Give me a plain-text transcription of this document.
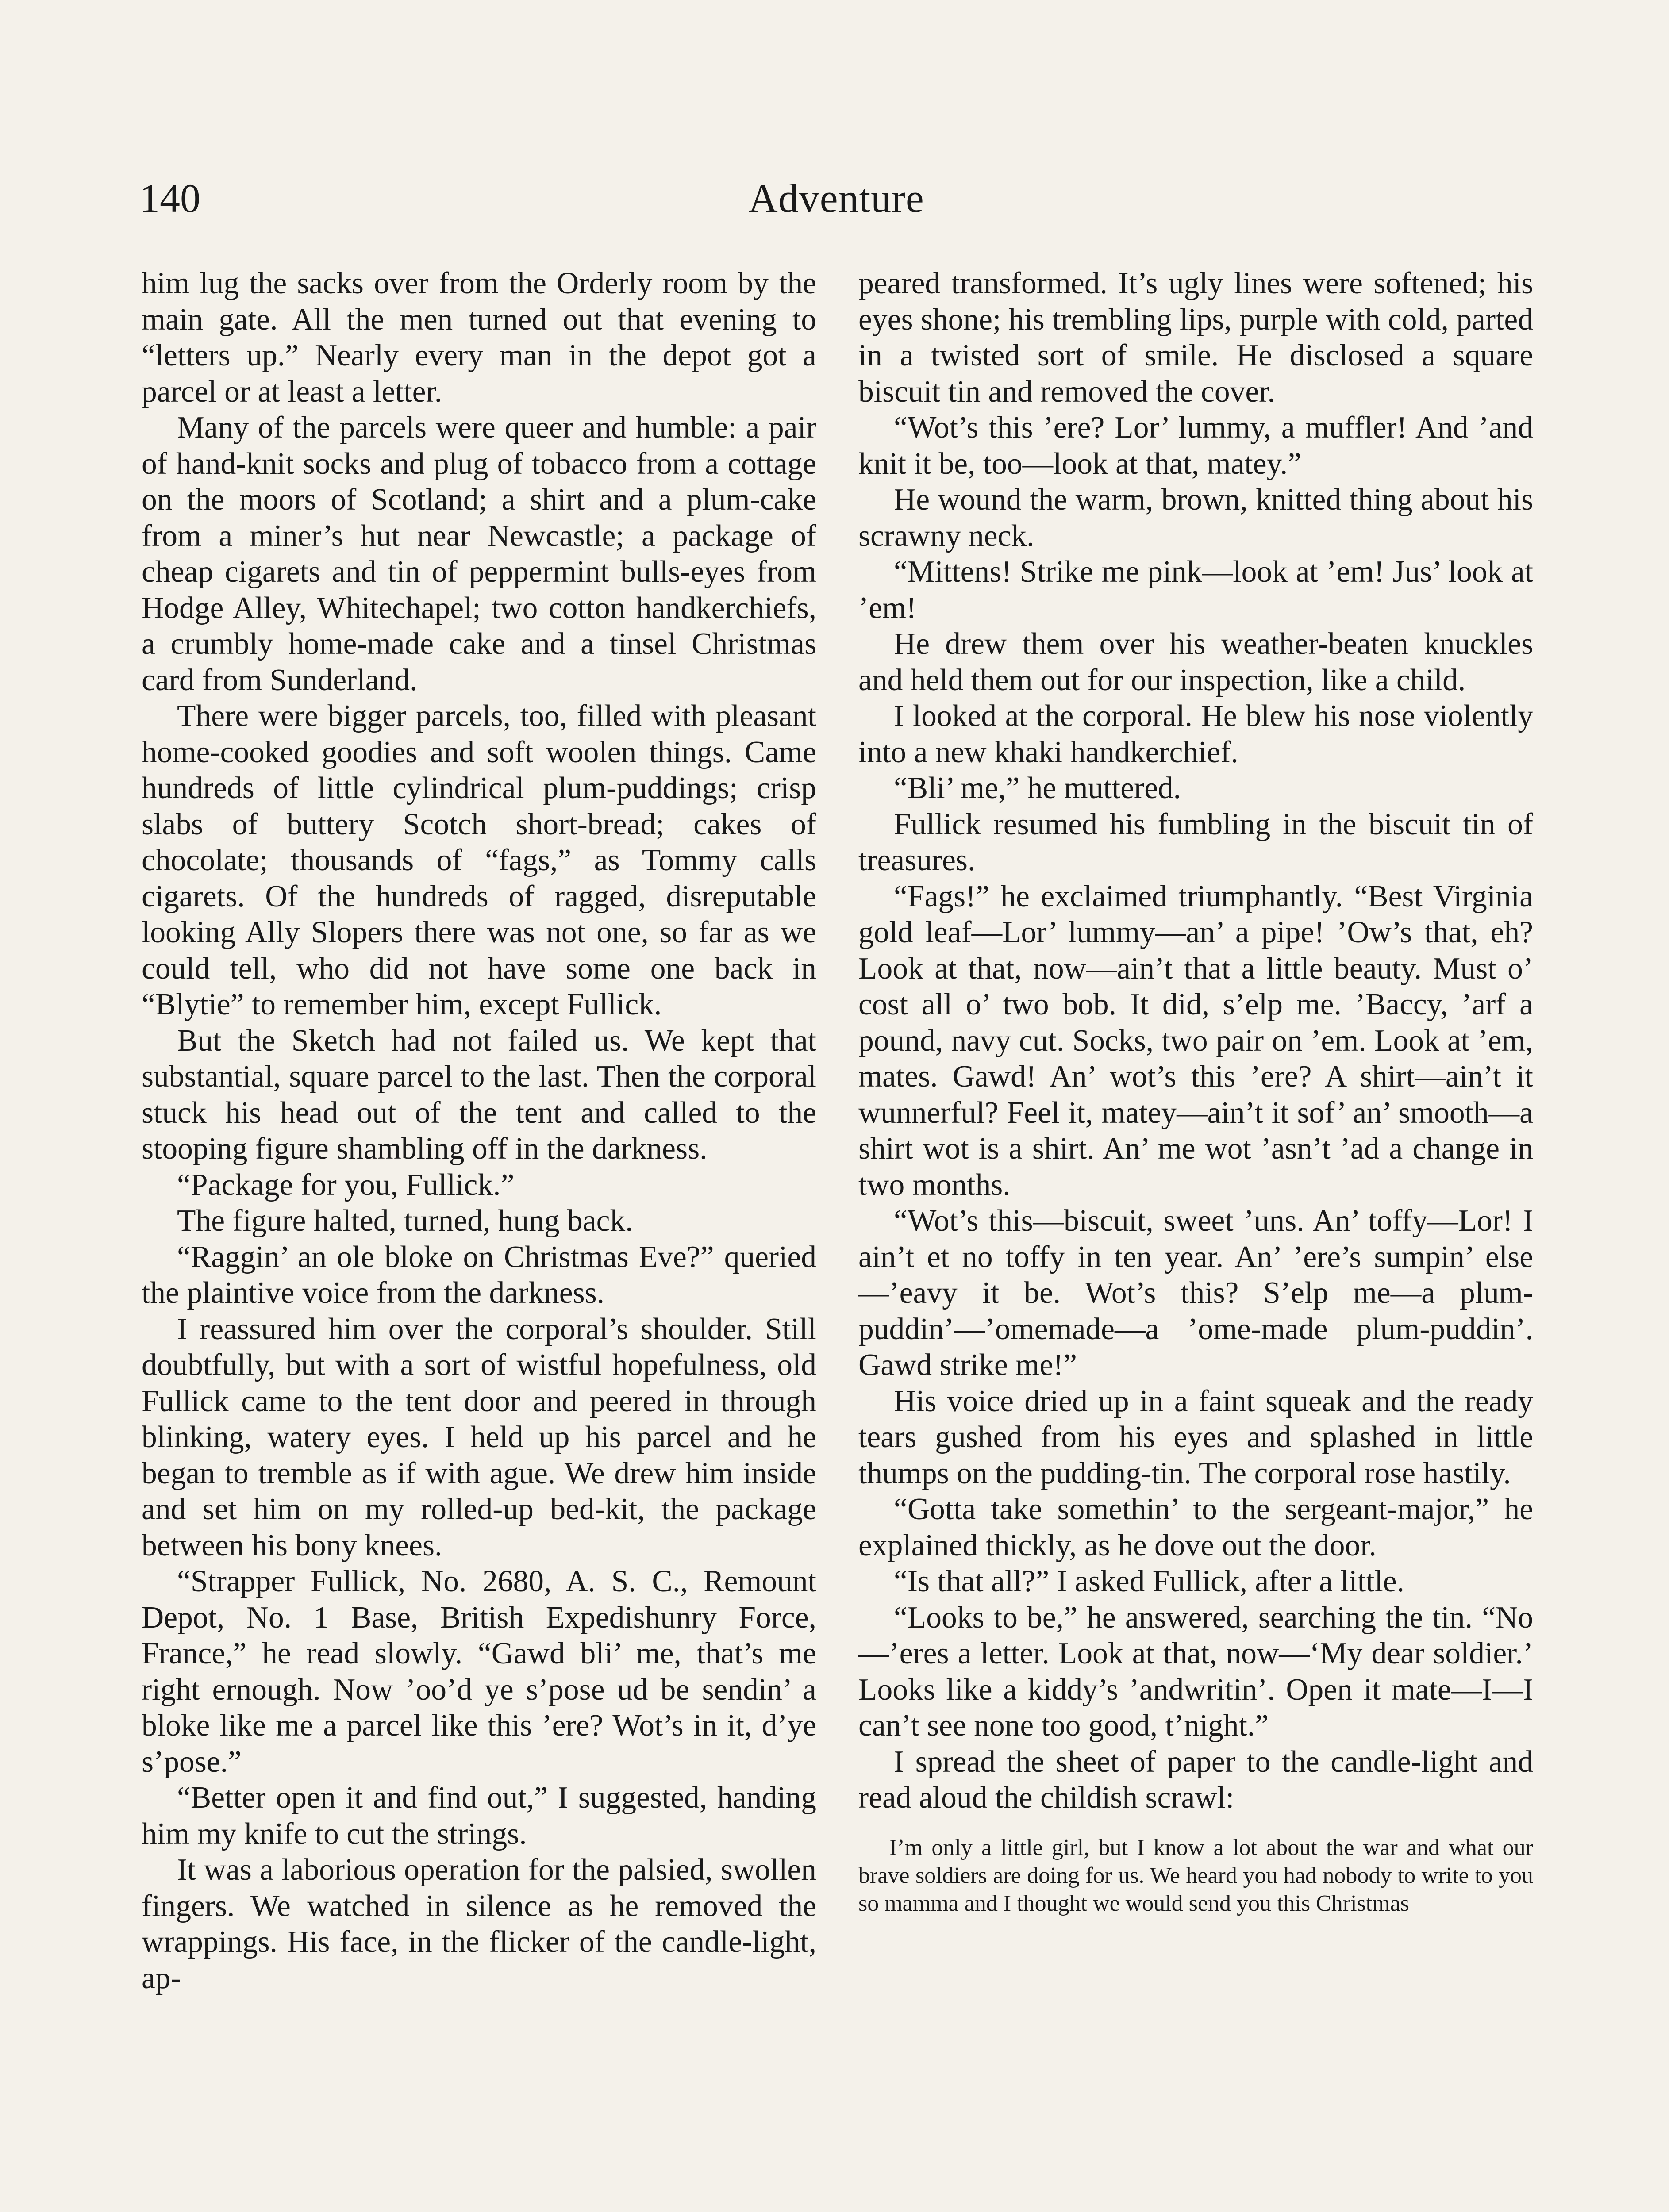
140	Adventure

him lug the sacks over from the Orderly room by the main gate. All the men turned out that evening to “letters up.” Nearly every man in the depot got a parcel or at least a letter.

Many of the parcels were queer and humble: a pair of hand-knit socks and plug of tobacco from a cottage on the moors of Scotland; a shirt and a plum-cake from a miner’s hut near Newcastle; a package of cheap cigarets and tin of peppermint bulls-eyes from Hodge Alley, Whitechapel; two cotton handkerchiefs, a crumbly home-made cake and a tinsel Christmas card from Sunderland.

There were bigger parcels, too, filled with pleasant home-cooked goodies and soft woolen things. Came hundreds of little cylindrical plum-puddings; crisp slabs of buttery Scotch short-bread; cakes of chocolate; thousands of “fags,” as Tommy calls cigarets. Of the hundreds of ragged, disreputable looking Ally Slopers there was not one, so far as we could tell, who did not have some one back in “Blytie” to remember him, except Fullick.

But the Sketch had not failed us. We kept that substantial, square parcel to the last. Then the corporal stuck his head out of the tent and called to the stooping figure shambling off in the darkness.

“Package for you, Fullick.”

The figure halted, turned, hung back.

“Raggin’ an ole bloke on Christmas Eve?” queried the plaintive voice from the darkness.

I reassured him over the corporal’s shoulder. Still doubtfully, but with a sort of wistful hopefulness, old Fullick came to the tent door and peered in through blinking, watery eyes. I held up his parcel and he began to tremble as if with ague. We drew him inside and set him on my rolled-up bed-kit, the package between his bony knees.

“Strapper Fullick, No. 2680, A. S. C., Remount Depot, No. 1 Base, British Expedishunry Force, France,” he read slowly. “Gawd bli’ me, that’s me right ernough. Now ’oo’d ye s’pose ud be sendin’ a bloke like me a parcel like this ’ere? Wot’s in it, d’ye s’pose.”

“Better open it and find out,” I suggested, handing him my knife to cut the strings.

It was a laborious operation for the palsied, swollen fingers. We watched in silence as he removed the wrappings. His face, in the flicker of the candle-light, ap-

peared transformed. It’s ugly lines were softened; his eyes shone; his trembling lips, purple with cold, parted in a twisted sort of smile. He disclosed a square biscuit tin and removed the cover.

“Wot’s this ’ere? Lor’ lummy, a muffler! And ’and knit it be, too—look at that, matey.”

He wound the warm, brown, knitted thing about his scrawny neck.

“Mittens! Strike me pink—look at ’em! Jus’ look at ’em!

He drew them over his weather-beaten knuckles and held them out for our inspection, like a child.

I looked at the corporal. He blew his nose violently into a new khaki handkerchief.

“Bli’ me,” he muttered.

Fullick resumed his fumbling in the biscuit tin of treasures.

“Fags!” he exclaimed triumphantly. “Best Virginia gold leaf—Lor’ lummy—an’ a pipe! ’Ow’s that, eh? Look at that, now—ain’t that a little beauty. Must o’ cost all o’ two bob. It did, s’elp me. ’Baccy, ’arf a pound, navy cut. Socks, two pair on ’em. Look at ’em, mates. Gawd! An’ wot’s this ’ere? A shirt—ain’t it wunnerful? Feel it, matey—ain’t it sof’ an’ smooth—a shirt wot is a shirt. An’ me wot ’asn’t ’ad a change in two months.

“Wot’s this—biscuit, sweet ’uns. An’ toffy—Lor! I ain’t et no toffy in ten year. An’ ’ere’s sumpin’ else—’eavy it be. Wot’s this? S’elp me—a plum-puddin’—’omemade—a ’ome-made plum-puddin’. Gawd strike me!”

His voice dried up in a faint squeak and the ready tears gushed from his eyes and splashed in little thumps on the pudding-tin. The corporal rose hastily.

“Gotta take somethin’ to the sergeant-major,” he explained thickly, as he dove out the door.

“Is that all?” I asked Fullick, after a little.

“Looks to be,” he answered, searching the tin. “No—’eres a letter. Look at that, now—‘My dear soldier.’ Looks like a kiddy’s ’andwritin’. Open it mate—I—I can’t see none too good, t’night.”

I spread the sheet of paper to the candle-light and read aloud the childish scrawl:

I’m only a little girl, but I know a lot about the war and what our brave soldiers are doing for us. We heard you had nobody to write to you so mamma and I thought we would send you this Christmas
